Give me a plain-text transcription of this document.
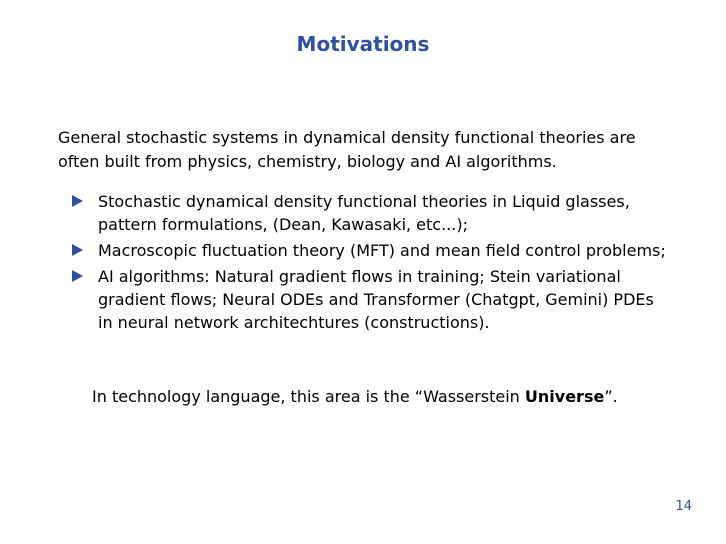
Motivations
General stochastic systems in dynamical density functional theories are often built from physics, chemistry, biology and AI algorithms.
Stochastic dynamical density functional theories in Liquid glasses, pattern formulations, (Dean, Kawasaki, etc...);
Macroscopic fluctuation theory (MFT) and mean field control problems;
AI algorithms: Natural gradient flows in training; Stein variational gradient flows; Neural ODEs and Transformer (Chatgpt, Gemini) PDEs in neural network architechtures (constructions).
In technology language, this area is the “Wasserstein Universe”.
14
